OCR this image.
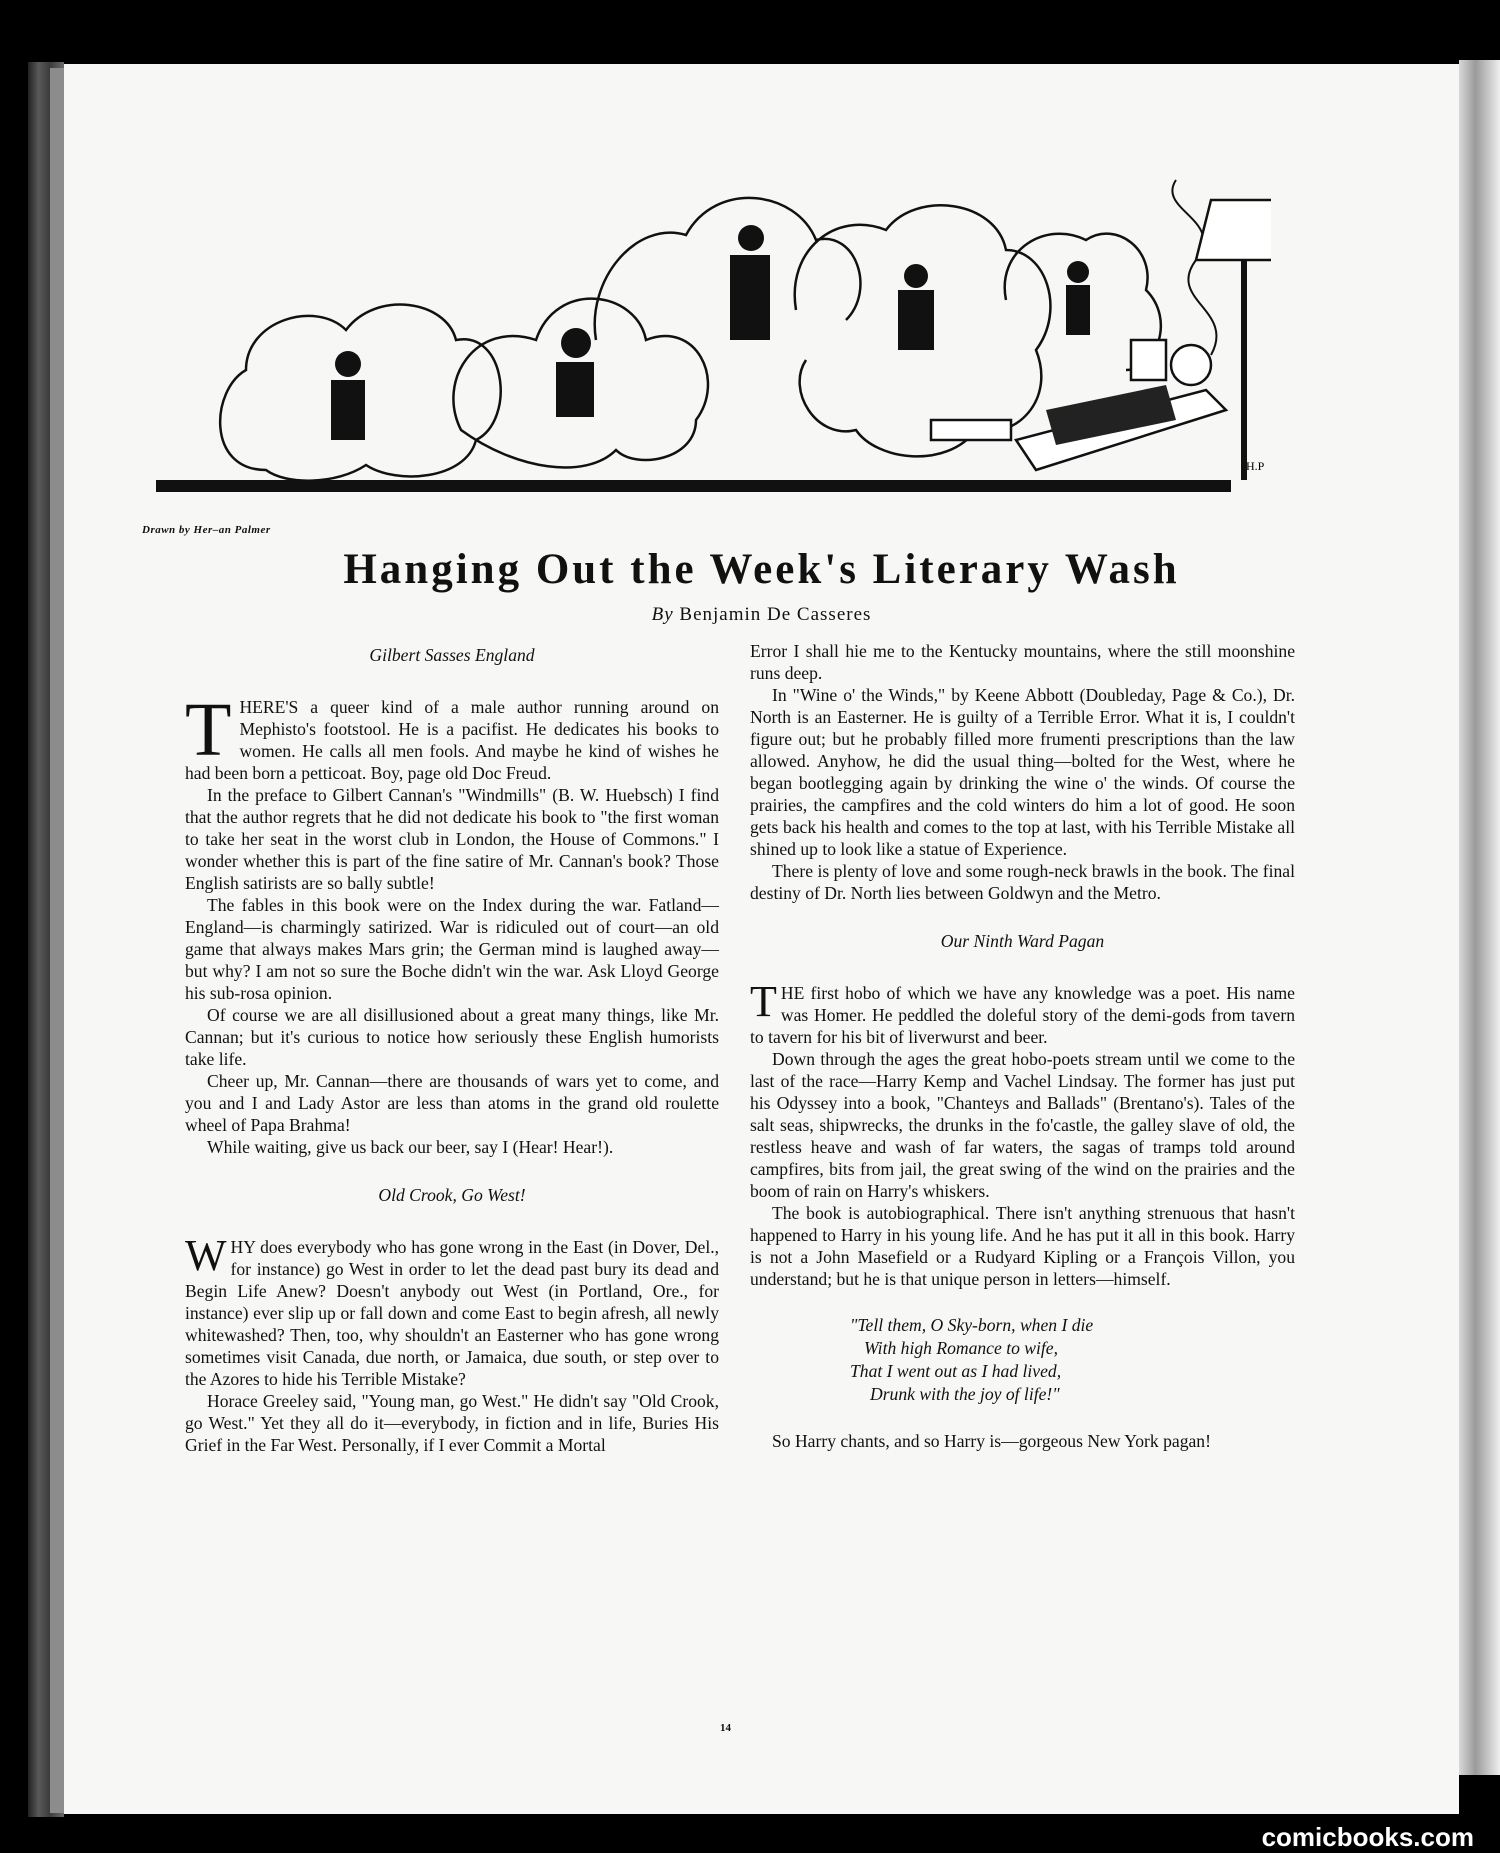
H.P
Drawn by Her–an Palmer
Hanging Out the Week's Literary Wash
By Benjamin De Casseres
Gilbert Sasses England

THERE'S a queer kind of a male author running around on Mephisto's footstool. He is a pacifist. He dedicates his books to women. He calls all men fools. And maybe he kind of wishes he had been born a petticoat. Boy, page old Doc Freud.

In the preface to Gilbert Cannan's "Windmills" (B. W. Huebsch) I find that the author regrets that he did not dedicate his book to "the first woman to take her seat in the worst club in London, the House of Commons." I wonder whether this is part of the fine satire of Mr. Cannan's book? Those English satirists are so bally subtle!

The fables in this book were on the Index during the war. Fatland—England—is charmingly satirized. War is ridiculed out of court—an old game that always makes Mars grin; the German mind is laughed away—but why? I am not so sure the Boche didn't win the war. Ask Lloyd George his sub-rosa opinion.

Of course we are all disillusioned about a great many things, like Mr. Cannan; but it's curious to notice how seriously these English humorists take life.

Cheer up, Mr. Cannan—there are thousands of wars yet to come, and you and I and Lady Astor are less than atoms in the grand old roulette wheel of Papa Brahma!

While waiting, give us back our beer, say I (Hear! Hear!).

Old Crook, Go West!

WHY does everybody who has gone wrong in the East (in Dover, Del., for instance) go West in order to let the dead past bury its dead and Begin Life Anew? Doesn't anybody out West (in Portland, Ore., for instance) ever slip up or fall down and come East to begin afresh, all newly whitewashed? Then, too, why shouldn't an Easterner who has gone wrong sometimes visit Canada, due north, or Jamaica, due south, or step over to the Azores to hide his Terrible Mistake?

Horace Greeley said, "Young man, go West." He didn't say "Old Crook, go West." Yet they all do it—everybody, in fiction and in life, Buries His Grief in the Far West. Personally, if I ever Commit a Mortal

Error I shall hie me to the Kentucky mountains, where the still moonshine runs deep.

In "Wine o' the Winds," by Keene Abbott (Doubleday, Page & Co.), Dr. North is an Easterner. He is guilty of a Terrible Error. What it is, I couldn't figure out; but he probably filled more frumenti prescriptions than the law allowed. Anyhow, he did the usual thing—bolted for the West, where he began bootlegging again by drinking the wine o' the winds. Of course the prairies, the campfires and the cold winters do him a lot of good. He soon gets back his health and comes to the top at last, with his Terrible Mistake all shined up to look like a statue of Experience.

There is plenty of love and some rough-neck brawls in the book. The final destiny of Dr. North lies between Goldwyn and the Metro.

Our Ninth Ward Pagan

THE first hobo of which we have any knowledge was a poet. His name was Homer. He peddled the doleful story of the demi-gods from tavern to tavern for his bit of liverwurst and beer.

Down through the ages the great hobo-poets stream until we come to the last of the race—Harry Kemp and Vachel Lindsay. The former has just put his Odyssey into a book, "Chanteys and Ballads" (Brentano's). Tales of the salt seas, shipwrecks, the drunks in the fo'castle, the galley slave of old, the restless heave and wash of far waters, the sagas of tramps told around campfires, bits from jail, the great swing of the wind on the prairies and the boom of rain on Harry's whiskers.

The book is autobiographical. There isn't anything strenuous that hasn't happened to Harry in his young life. And he has put it all in this book. Harry is not a John Masefield or a Rudyard Kipling or a François Villon, you understand; but he is that unique person in letters—himself.

"Tell them, O Sky-born, when I die
With high Romance to wife,
That I went out as I had lived,
Drunk with the joy of life!"

So Harry chants, and so Harry is—gorgeous New York pagan!

14
comicbooks.com
